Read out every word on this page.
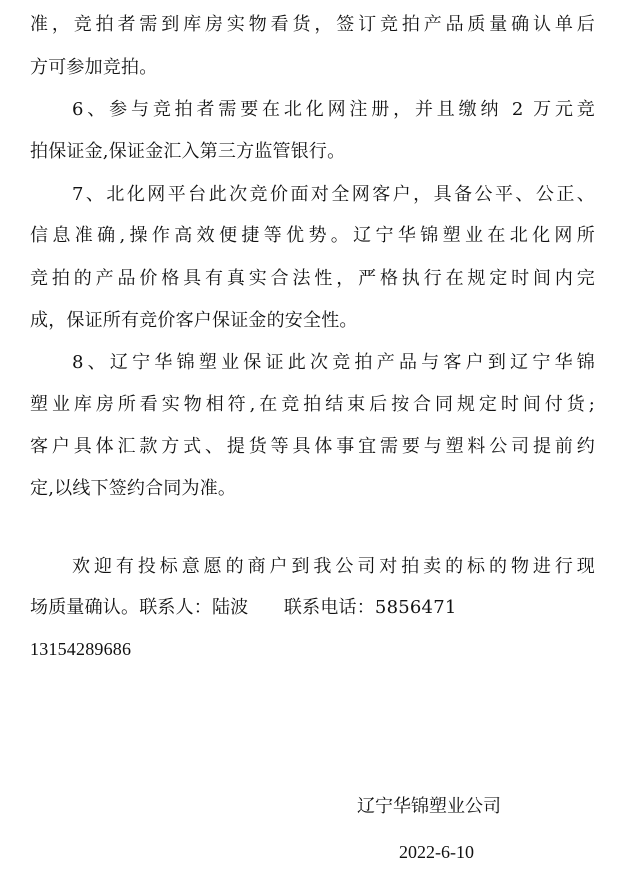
准，竞拍者需到库房实物看货，签订竞拍产品质量确认单后
方可参加竞拍。
6、参与竞拍者需要在北化网注册，并且缴纳 2 万元竞
拍保证金,保证金汇入第三方监管银行。
7、北化网平台此次竞价面对全网客户，具备公平、公正、
信息准确,操作高效便捷等优势。辽宁华锦塑业在北化网所
竞拍的产品价格具有真实合法性，严格执行在规定时间内完
成，保证所有竞价客户保证金的安全性。
8、辽宁华锦塑业保证此次竞拍产品与客户到辽宁华锦
塑业库房所看实物相符,在竞拍结束后按合同规定时间付货;
客户具体汇款方式、提货等具体事宜需要与塑料公司提前约
定,以线下签约合同为准。
欢迎有投标意愿的商户到我公司对拍卖的标的物进行现
场质量确认。联系人：陆波      联系电话：5856471
13154289686
辽宁华锦塑业公司
2022-6-10
